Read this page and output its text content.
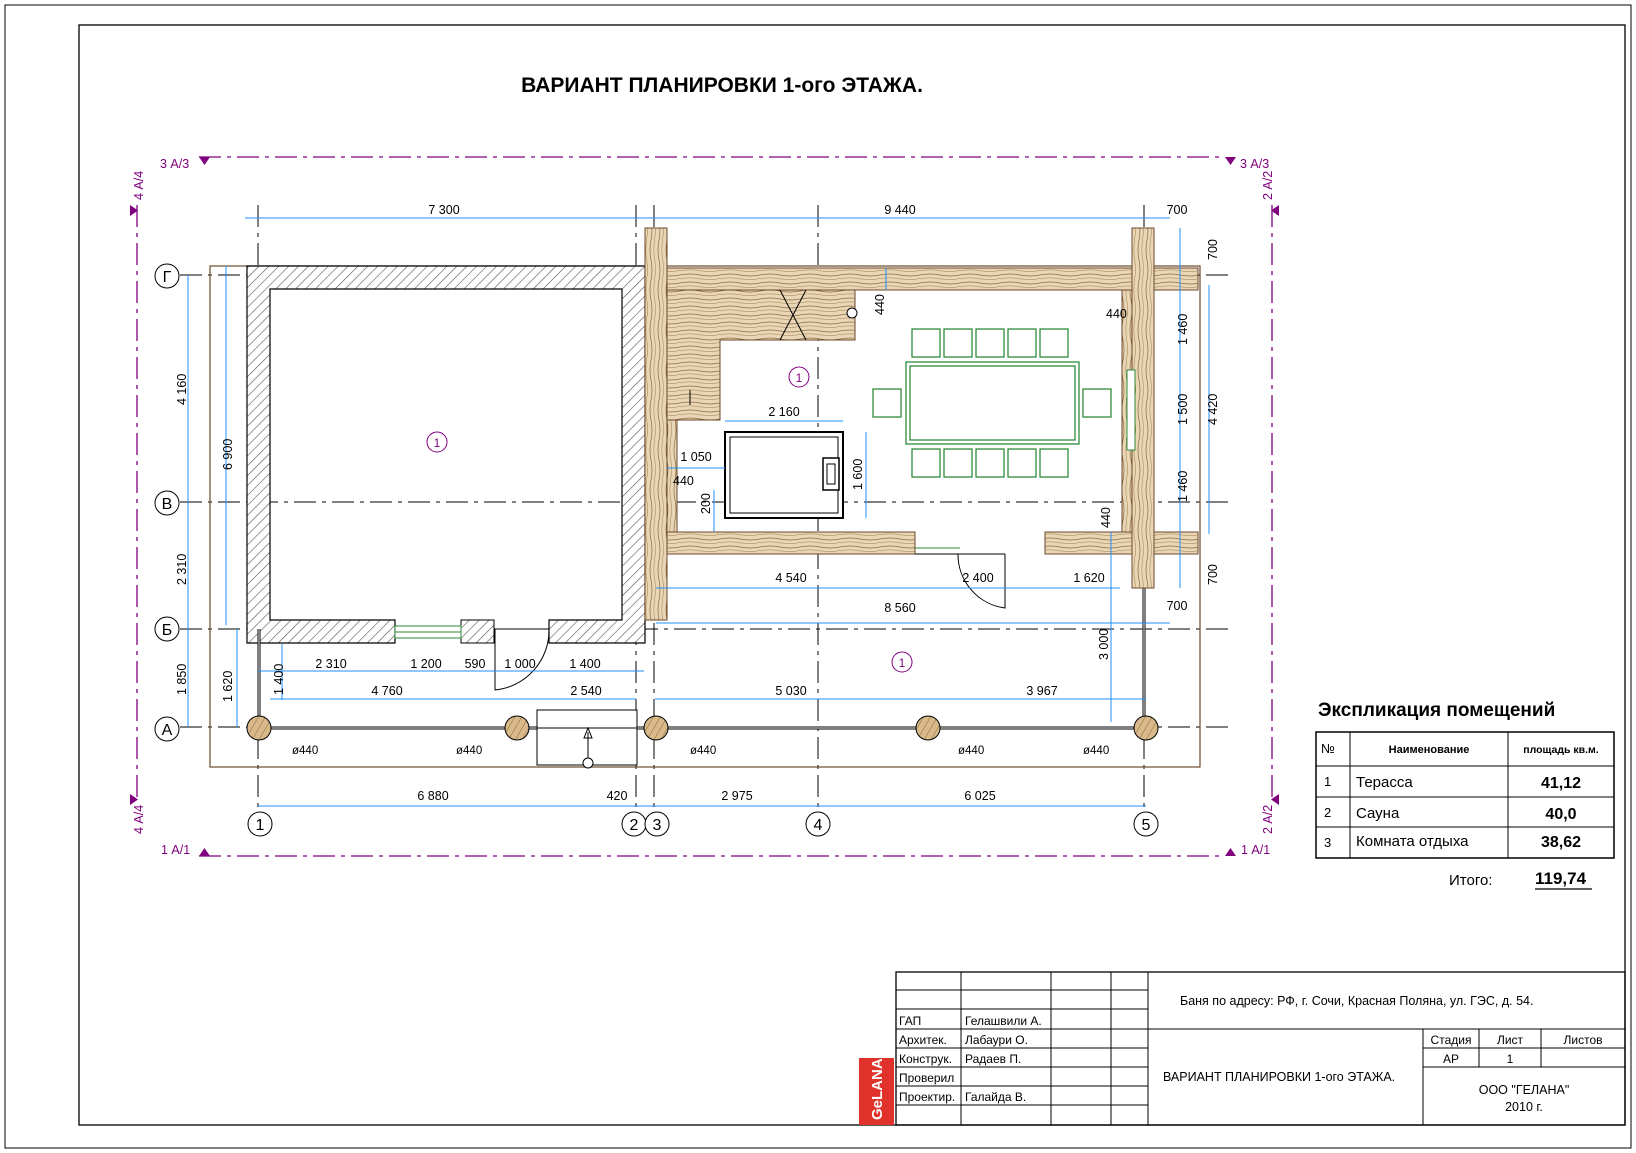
ВАРИАНТ ПЛАНИРОВКИ 1-ого ЭТАЖА.
3 А/3	3 А/3
1 А/1	1 А/1
4 А/4
4 А/4
2 А/2
2 А/2
Г
В
Б
А
1	2 3	4	5
1
1
1
ø440	ø440	ø440	ø440	ø440
7 300	9 440	700
700
1 460
1 500
1 460
4 420
700
4 160
6 900
2 310
1 850	1 620	1 400
440	440
2 160
1 050
440	1 600
200
440
4 540	2 400	1 620
8 560	700
3 000
2 310	1 200 590 1 000	1 400
4 760	2 540	5 030	3 967
6 880	420	2 975	6 025
Экспликация помещений
№	Наименование	площадь кв.м.
1 Терасса	41,12
2 Сауна	40,0
3 Комната отдыха	38,62
Итого:	119,74
Баня по адресу: РФ, г. Сочи, Красная Поляна, ул. ГЭС, д. 54.
ВАРИАНТ ПЛАНИРОВКИ 1-ого ЭТАЖА.
ГАП	Гелашвили А.
Архитек. Лабаури О.
Конструк. Радаев П.
Проверил
Проектир. Галайда В.
Стадия Лист	Листов
АР	1
ООО "ГЕЛАНА"
2010 г.
GeLANA
